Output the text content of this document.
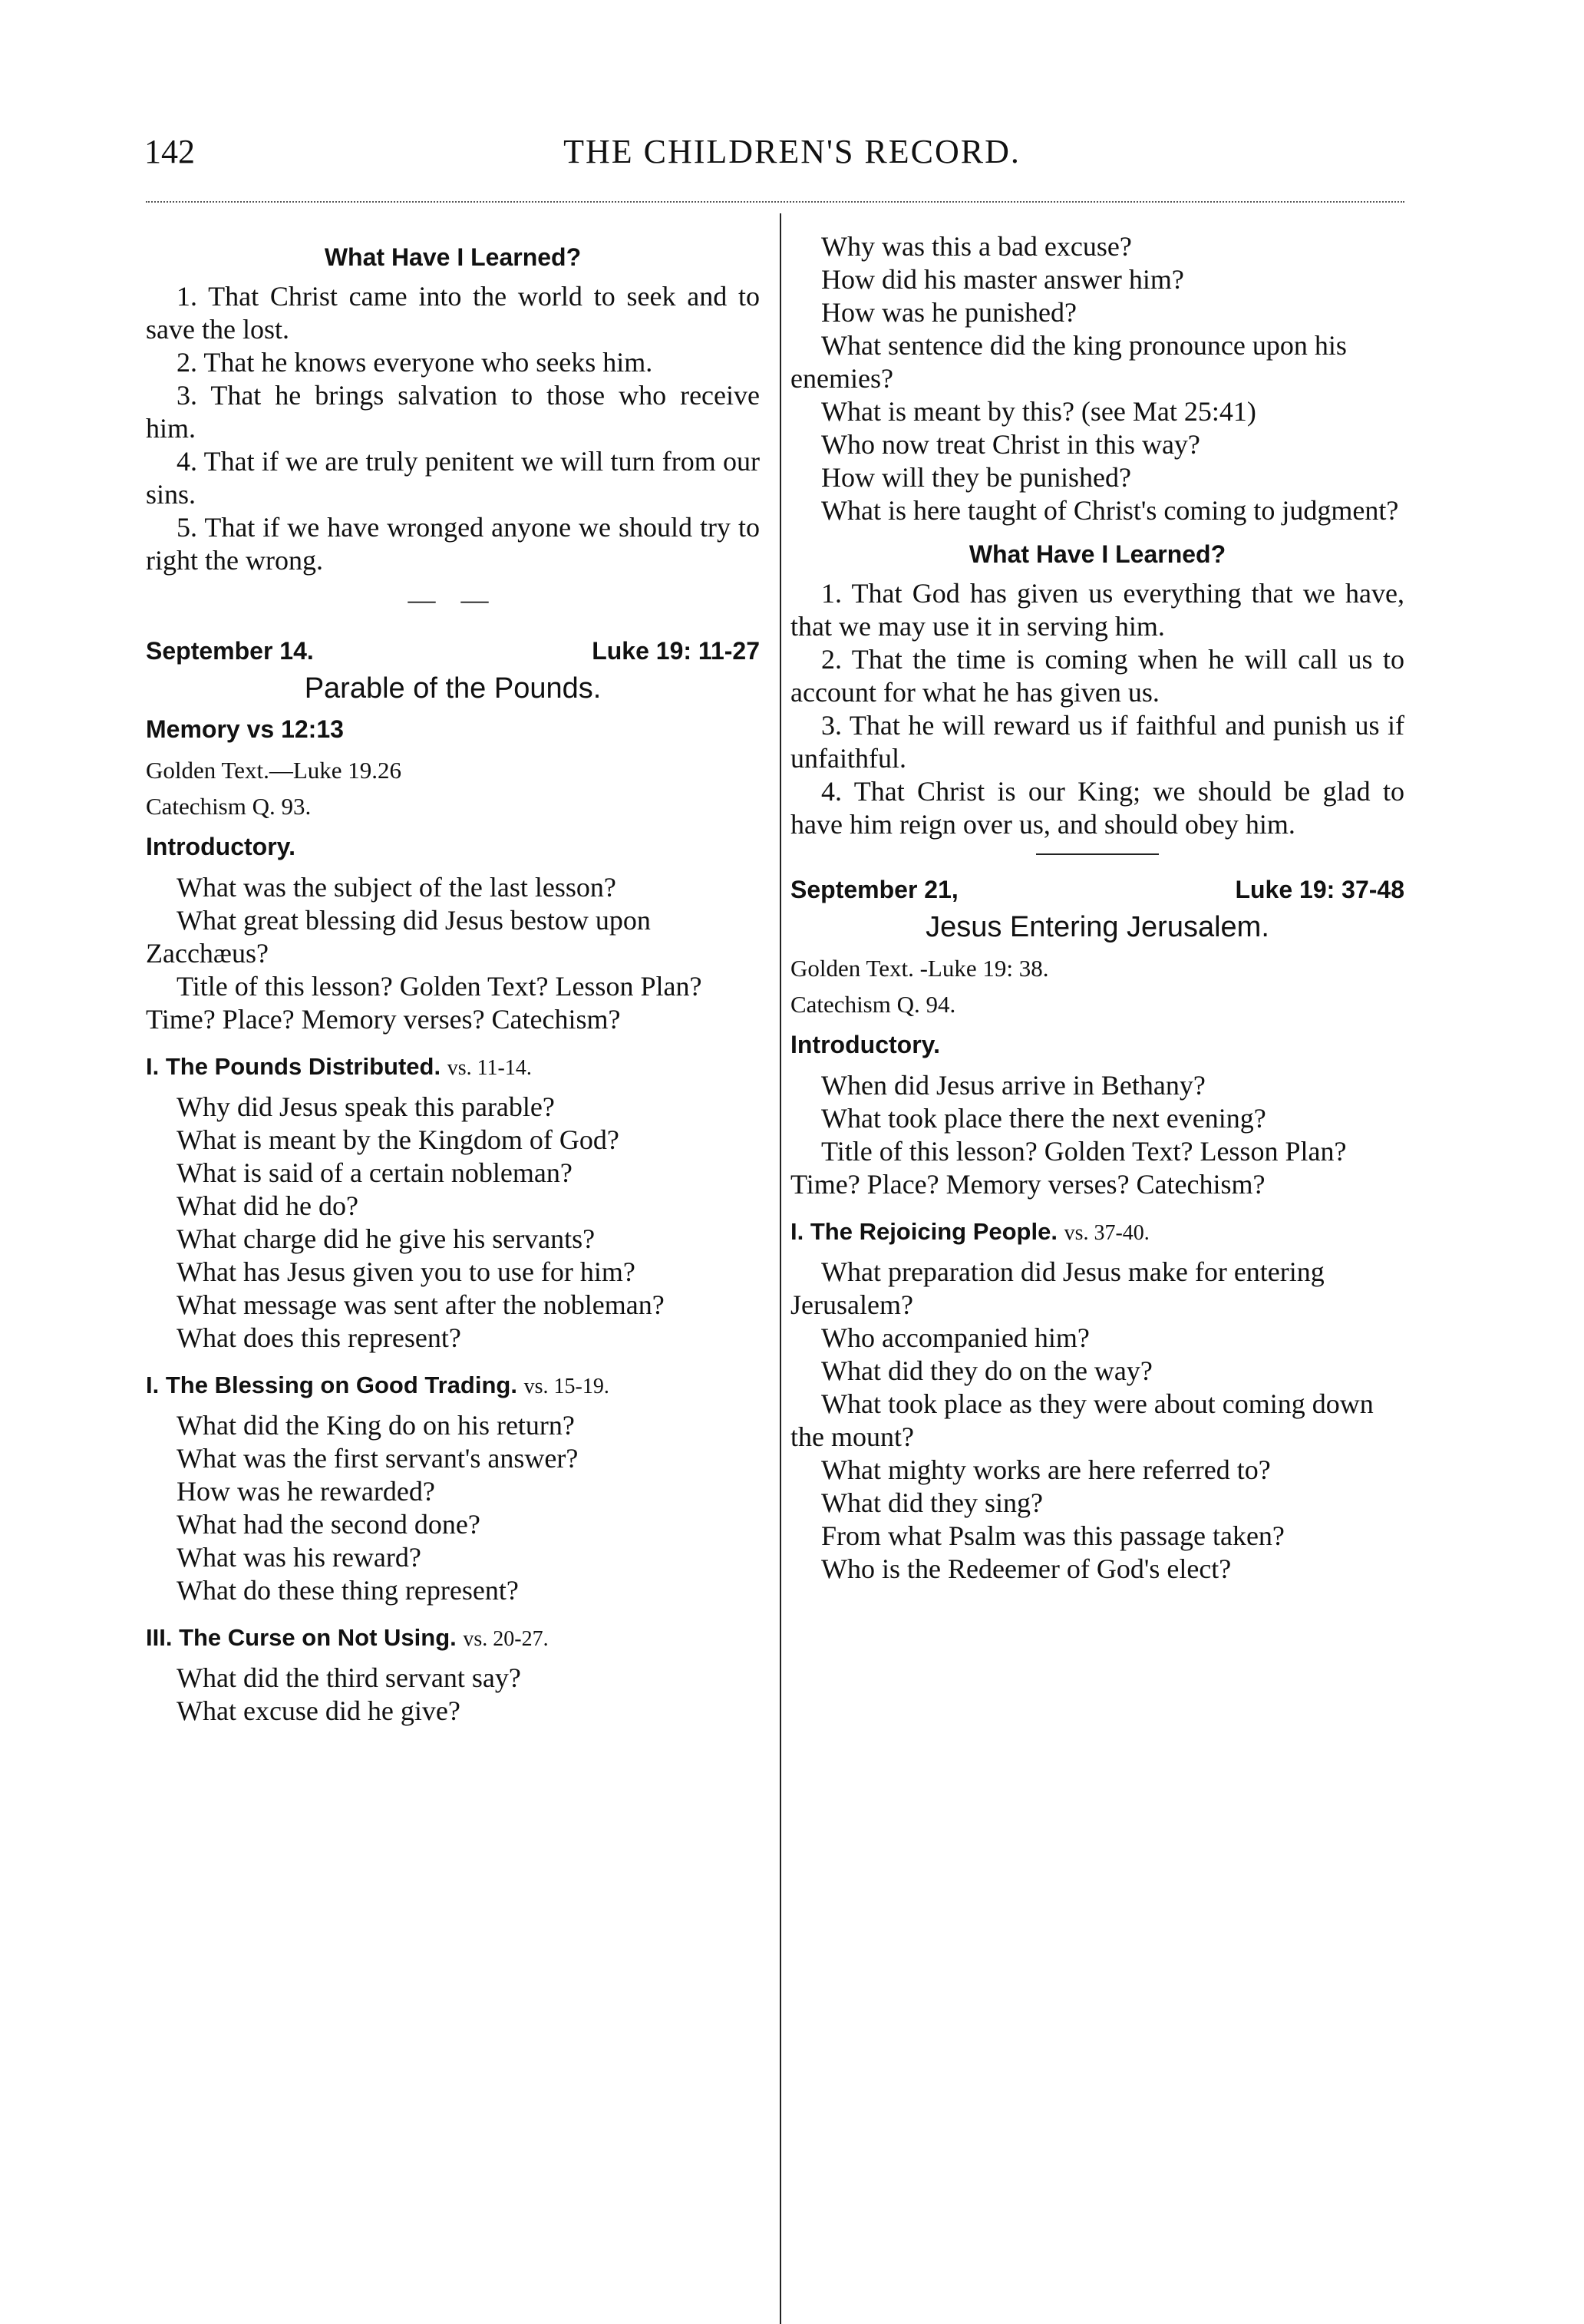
142	THE CHILDREN'S RECORD.
What Have I Learned?

1. That Christ came into the world to seek and to save the lost.

2. That he knows everyone who seeks him.

3. That he brings salvation to those who receive him.

4. That if we are truly penitent we will turn from our sins.

5. That if we have wronged anyone we should try to right the wrong.

— —
September 14.	Luke 19: 11-27
Parable of the Pounds.
Memory vs 12:13
Golden Text.—Luke 19.26
Catechism Q. 93.
Introductory.

What was the subject of the last lesson?

What great blessing did Jesus bestow upon Zacchæus?

Title of this lesson? Golden Text? Lesson Plan? Time? Place? Memory verses? Catechism?

I. The Pounds Distributed. vs. 11-14.

Why did Jesus speak this parable?

What is meant by the Kingdom of God?

What is said of a certain nobleman?

What did he do?

What charge did he give his servants?

What has Jesus given you to use for him?

What message was sent after the nobleman?

What does this represent?

I. The Blessing on Good Trading. vs. 15-19.

What did the King do on his return?

What was the first servant's answer?

How was he rewarded?

What had the second done?

What was his reward?

What do these thing represent?

III. The Curse on Not Using. vs. 20-27.

What did the third servant say?

What excuse did he give?

Why was this a bad excuse?

How did his master answer him?

How was he punished?

What sentence did the king pronounce upon his enemies?

What is meant by this? (see Mat 25:41)

Who now treat Christ in this way?

How will they be punished?

What is here taught of Christ's coming to judgment?

What Have I Learned?

1. That God has given us everything that we have, that we may use it in serving him.

2. That the time is coming when he will call us to account for what he has given us.

3. That he will reward us if faithful and punish us if unfaithful.

4. That Christ is our King; we should be glad to have him reign over us, and should obey him.

September 21,	Luke 19: 37-48
Jesus Entering Jerusalem.
Golden Text. -Luke 19: 38.
Catechism Q. 94.
Introductory.

When did Jesus arrive in Bethany?

What took place there the next evening?

Title of this lesson? Golden Text? Lesson Plan? Time? Place? Memory verses? Catechism?

I. The Rejoicing People. vs. 37-40.

What preparation did Jesus make for entering Jerusalem?

Who accompanied him?

What did they do on the way?

What took place as they were about coming down the mount?

What mighty works are here referred to?

What did they sing?

From what Psalm was this passage taken?

Who is the Redeemer of God's elect?
